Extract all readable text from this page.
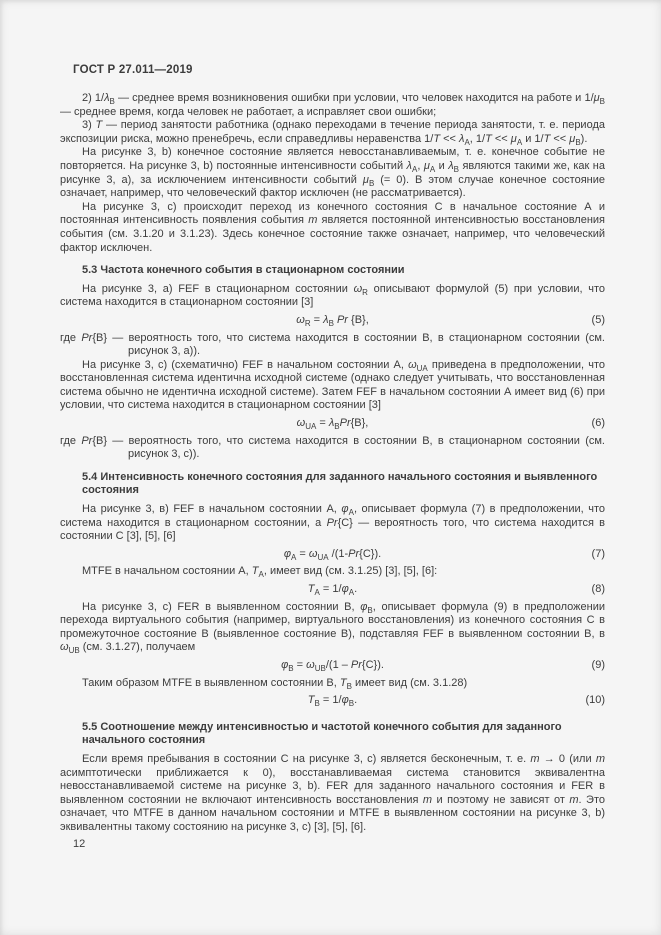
ГОСТ Р 27.011—2019

2) $1/\lambda_В$ — среднее время возникновения ошибки при условии, что человек находится на работе и $1/\mu_В$ — среднее время, когда человек не работает, а исправляет свои ошибки;

3) Т — период занятости работника (однако переходами в течение периода занятости, т. е. периода экспозиции риска, можно пренебречь, если справедливы неравенства $1/Т << \lambda_А$, $1/Т << \mu_А$ и $1/Т << \mu_В$).

На рисунке 3, b) конечное состояние является невосстанавливаемым, т. е. конечное событие не повторяется. На рисунке 3, b) постоянные интенсивности событий $\lambda_А$, $\mu_А$ и $\lambda_В$ являются такими же, как на рисунке 3, а), за исключением интенсивности событий $\mu_В$ (= 0). В этом случае конечное состояние означает, например, что человеческий фактор исключен (не рассматривается).

На рисунке 3, с) происходит переход из конечного состояния С в начальное состояние А и постоянная интенсивность появления события m является постоянной интенсивностью восстановления события (см. 3.1.20 и 3.1.23). Здесь конечное состояние также означает, например, что человеческий фактор исключен.

5.3 Частота конечного события в стационарном состоянии

На рисунке 3, а) FEF в стационарном состоянии $\omega_R$ описывают формулой (5) при условии, что система находится в стационарном состоянии [3]

$\omega_R = \lambda_В$ Pr {В},	(5)

где Pr{В} — вероятность того, что система находится в состоянии В, в стационарном состоянии (см. рисунок 3, а)).

На рисунке 3, с) (схематично) FEF в начальном состоянии А, $\omega_{UA}$ приведена в предположении, что восстановленная система идентична исходной системе (однако следует учитывать, что восстановленная система обычно не идентична исходной системе). Затем FEF в начальном состоянии А имеет вид (6) при условии, что система находится в стационарном состоянии [3]

$\omega_{UA} = \lambda_ВPr\{В\}$,	(6)

где Pr{В} — вероятность того, что система находится в состоянии В, в стационарном состоянии (см. рисунок 3, с)).

5.4 Интенсивность конечного состояния для заданного начального состояния и выявленного состояния

На рисунке 3, в) FEF в начальном состоянии А, $\varphi_А$, описывает формула (7) в предположении, что система находится в стационарном состоянии, а Pr{С} — вероятность того, что система находится в состоянии С [3], [5], [6]

$\varphi_А = \omega_{UA}$ /(1-Pr{С}).	(7)

MTFE в начальном состоянии А, $Т_А$, имеет вид (см. 3.1.25) [3], [5], [6]:

$Т_А = 1/\varphi_А$.	(8)

На рисунке 3, с) FER в выявленном состоянии В, $\varphi_В$, описывает формула (9) в предположении перехода виртуального события (например, виртуального восстановления) из конечного состояния С в промежуточное состояние В (выявленное состояние В), подставляя FEF в выявленном состоянии В, в $\omega_{UB}$ (см. 3.1.27), получаем

$\varphi_В = \omega_{UB}/(1 - Pr\{С\})$.	(9)

Таким образом MTFE в выявленном состоянии В, $Т_В$ имеет вид (см. 3.1.28)

$Т_В = 1/\varphi_В$.	(10)

5.5 Соотношение между интенсивностью и частотой конечного события для заданного начального состояния

Если время пребывания в состоянии С на рисунке 3, с) является бесконечным, т. е. m → 0 (или m асимптотически приближается к 0), восстанавливаемая система становится эквивалентна невосстанавливаемой системе на рисунке 3, b). FER для заданного начального состояния и FER в выявленном состоянии не включают интенсивность восстановления m и поэтому не зависят от m. Это означает, что MTFE в данном начальном состоянии и MTFE в выявленном состоянии на рисунке 3, b) эквивалентны такому состоянию на рисунке 3, с) [3], [5], [6].

12
